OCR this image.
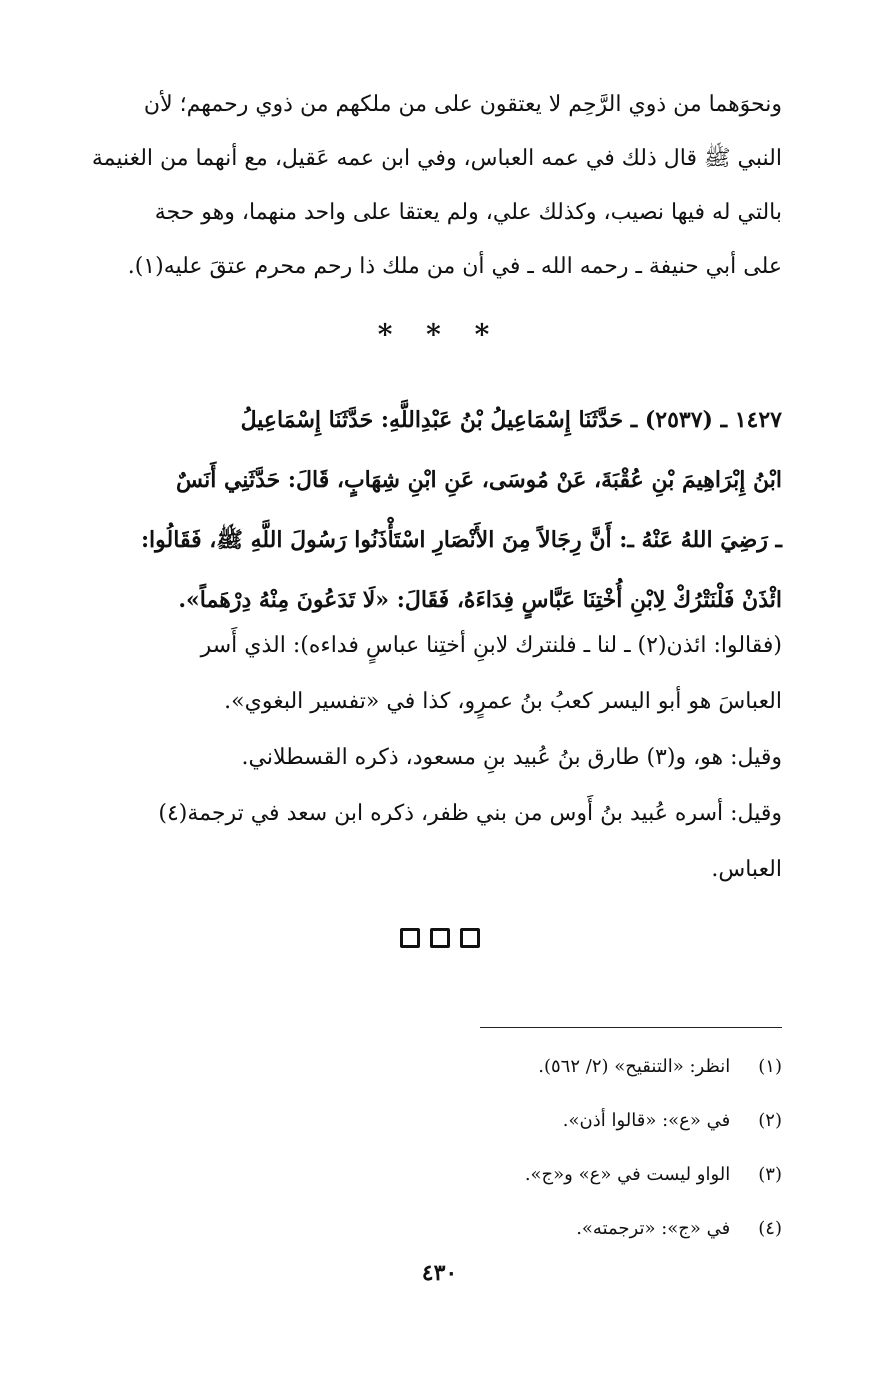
ونحوَهما من ذوي الرَّحِم لا يعتقون على من ملكهم من ذوي رحمهم؛ لأن
النبي ﷺ قال ذلك في عمه العباس، وفي ابن عمه عَقيل، مع أنهما من الغنيمة
بالتي له فيها نصيب، وكذلك علي، ولم يعتقا على واحد منهما، وهو حجة
على أبي حنيفة ـ رحمه الله ـ في أن من ملك ذا رحم محرم عتقَ عليه(١).
* * *
١٤٢٧ ـ (٢٥٣٧) ـ حَدَّثَنَا إِسْمَاعِيلُ بْنُ عَبْدِاللَّهِ: حَدَّثَنَا إِسْمَاعِيلُ
ابْنُ إِبْرَاهِيمَ بْنِ عُقْبَةَ، عَنْ مُوسَى، عَنِ ابْنِ شِهَابٍ، قَالَ: حَدَّثَنِي أَنَسٌ
ـ رَضِيَ اللهُ عَنْهُ ـ: أَنَّ رِجَالاً مِنَ الأَنْصَارِ اسْتَأْذَنُوا رَسُولَ اللَّهِ ﷺ، فَقَالُوا:
ائْذَنْ فَلْنَتْرُكْ لِابْنِ أُخْتِنَا عَبَّاسٍ فِدَاءَهُ، فَقَالَ: «لَا تَدَعُونَ مِنْهُ دِرْهَماً».
(فقالوا: ائذن(٢) ـ لنا ـ فلنترك لابنِ أختِنا عباسٍ فداءه): الذي أَسر
العباسَ هو أبو اليسر كعبُ بنُ عمرٍو، كذا في «تفسير البغوي».
وقيل: هو، و(٣) طارق بنُ عُبيد بنِ مسعود، ذكره القسطلاني.
وقيل: أسره عُبيد بنُ أَوس من بني ظفر، ذكره ابن سعد في ترجمة(٤)
العباس.
(١) انظر: «التنقيح» (٢/ ٥٦٢).
(٢) في «ع»: «قالوا أذن».
(٣) الواو ليست في «ع» و«ج».
(٤) في «ج»: «ترجمته».
٤٣٠
